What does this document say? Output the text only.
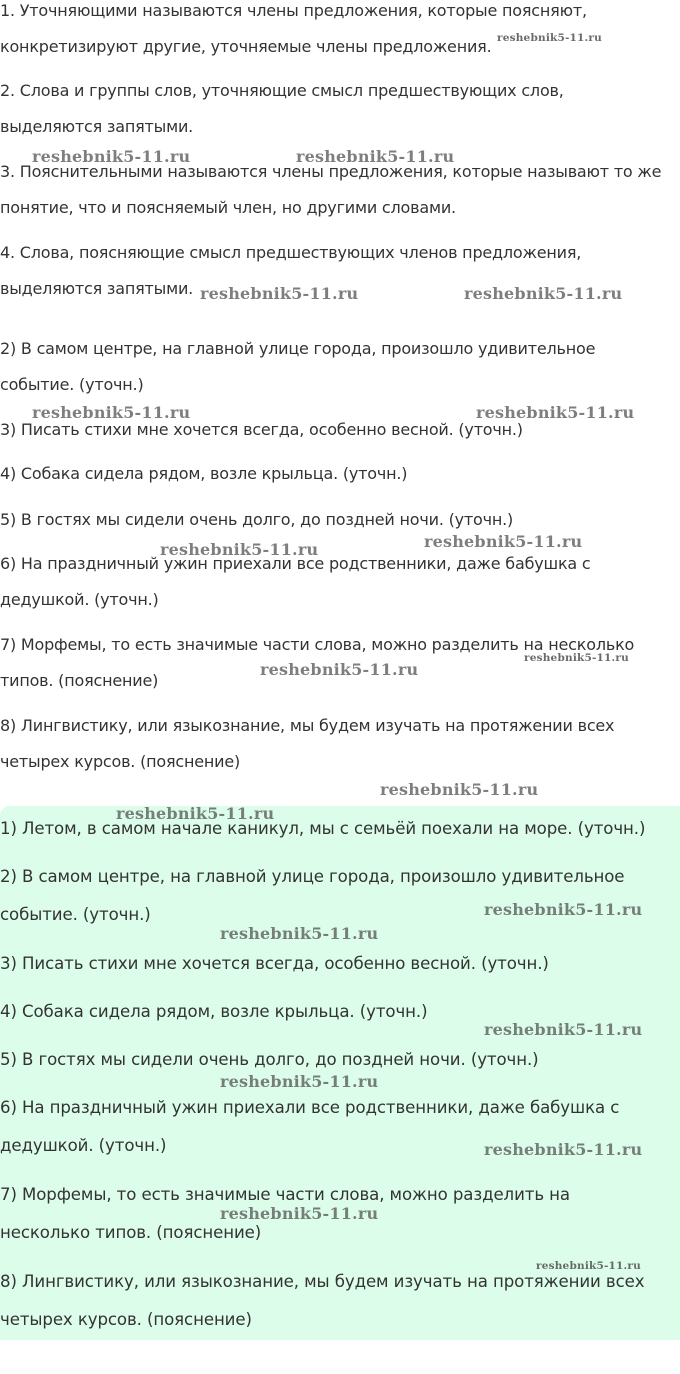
1. Уточняющими называются члены предложения, которые поясняют,

конкретизируют другие, уточняемые члены предложения.

2. Слова и группы слов, уточняющие смысл предшествующих слов,

выделяются запятыми.

3. Пояснительными называются члены предложения, которые называют то же

понятие, что и поясняемый член, но другими словами.

4. Слова, поясняющие смысл предшествующих членов предложения,

выделяются запятыми.

2) В самом центре, на главной улице города, произошло удивительное

событие. (уточн.)

3) Писать стихи мне хочется всегда, особенно весной. (уточн.)

4) Собака сидела рядом, возле крыльца. (уточн.)

5) В гостях мы сидели очень долго, до поздней ночи. (уточн.)

6) На праздничный ужин приехали все родственники, даже бабушка с

дедушкой. (уточн.)

7) Морфемы, то есть значимые части слова, можно разделить на несколько

типов. (пояснение)

8) Лингвистику, или языкознание, мы будем изучать на протяжении всех

четырех курсов. (пояснение)

1) Летом, в самом начале каникул, мы с семьёй поехали на море. (уточн.)

2) В самом центре, на главной улице города, произошло удивительное

событие. (уточн.)

3) Писать стихи мне хочется всегда, особенно весной. (уточн.)

4) Собака сидела рядом, возле крыльца. (уточн.)

5) В гостях мы сидели очень долго, до поздней ночи. (уточн.)

6) На праздничный ужин приехали все родственники, даже бабушка с

дедушкой. (уточн.)

7) Морфемы, то есть значимые части слова, можно разделить на

несколько типов. (пояснение)

8) Лингвистику, или языкознание, мы будем изучать на протяжении всех

четырех курсов. (пояснение)

reshebnik5-11.ru
reshebnik5-11.ru	reshebnik5-11.ru
reshebnik5-11.ru	reshebnik5-11.ru
reshebnik5-11.ru	reshebnik5-11.ru
reshebnik5-11.ru	reshebnik5-11.ru
reshebnik5-11.ru
reshebnik5-11.ru
reshebnik5-11.ru
reshebnik5-11.ru
reshebnik5-11.ru
reshebnik5-11.ru
reshebnik5-11.ru
reshebnik5-11.ru
reshebnik5-11.ru
reshebnik5-11.ru
reshebnik5-11.ru
